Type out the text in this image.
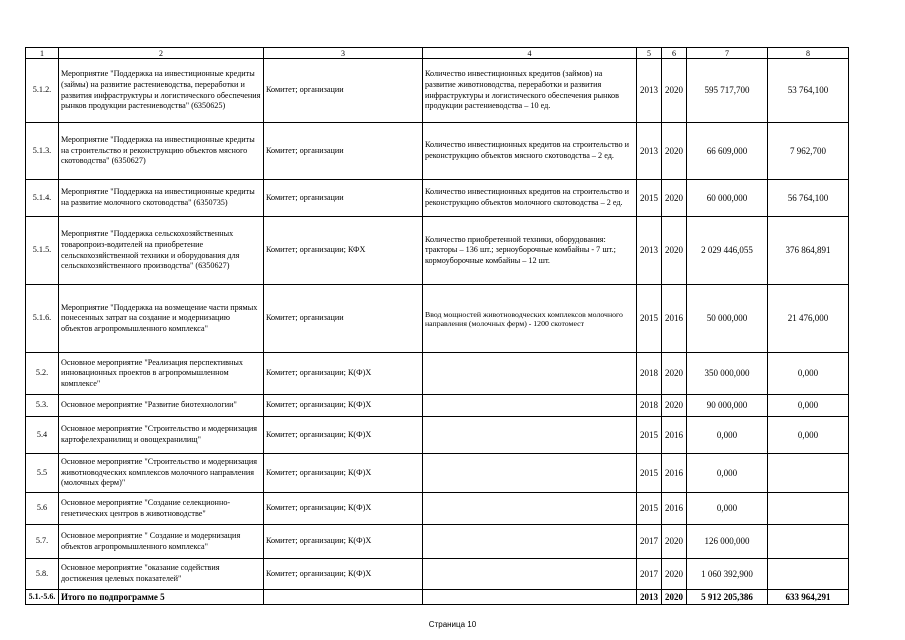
1	2	3	4	5	6	7	8
5.1.2.	Мероприятие "Поддержка на инвестиционные кредиты (займы) на развитие растениеводства, переработки и развития инфраструктуры и логистического обеспечения рынков продукции растениеводства" (6350625)	Комитет; организации	Количество инвестиционных кредитов (займов) на развитие животноводства, переработки и развития инфраструктуры и логистического обеспечения рынков продукции растениеводства – 10 ед.	2013	2020	595 717,700	53 764,100
5.1.3.	Мероприятие "Поддержка на инвестиционные кредиты на строительство и реконструкцию объектов мясного скотоводства" (6350627)	Комитет; организации	Количество инвестиционных кредитов на строительство и реконструкцию объектов мясного скотоводства – 2 ед.	2013	2020	66 609,000	7 962,700
5.1.4.	Мероприятие "Поддержка на инвестиционные кредиты на развитие молочного скотоводства" (6350735)	Комитет; организации	Количество инвестиционных кредитов на строительство и реконструкцию объектов молочного скотоводства – 2 ед.	2015	2020	60 000,000	56 764,100
5.1.5.	Мероприятие "Поддержка сельскохозяйственных товаропроиз-водителей на приобретение сельскохозяйственной техники и оборудования для сельскохозяйственного производства" (6350627)	Комитет; организации; КФХ	Количество приобретенной техники, оборудования: тракторы – 136 шт.; зерноуборочные комбайны - 7 шт.; кормоуборочные комбайны – 12 шт.	2013	2020	2 029 446,055	376 864,891
5.1.6.	Мероприятие "Поддержка на возмещение части прямых понесенных затрат на создание и модернизацию объектов агропромышленного комплекса"	Комитет; организации	Ввод мощностей животноводческих комплексов молочного направления (молочных ферм) - 1200 скотомест	2015	2016	50 000,000	21 476,000
5.2.	Основное мероприятие "Реализация перспективных инновационных проектов в агропромышленном комплексе"	Комитет; организации; К(Ф)Х		2018	2020	350 000,000	0,000
5.3.	Основное мероприятие "Развитие биотехнологии"	Комитет; организации; К(Ф)Х		2018	2020	90 000,000	0,000
5.4	Основное мероприятие "Строительство и модернизация картофелехранилищ и овощехранилищ"	Комитет; организации; К(Ф)Х		2015	2016	0,000	0,000
5.5	Основное мероприятие "Строительство и модернизация животноводческих комплексов молочного направления (молочных ферм)"	Комитет; организации; К(Ф)Х		2015	2016	0,000	
5.6	Основное мероприятие "Создание селекционно-генетических центров в животноводстве"	Комитет; организации; К(Ф)Х		2015	2016	0,000	
5.7.	Основное мероприятие " Создание и модернизация объектов агропромышленного комплекса"	Комитет; организации; К(Ф)Х		2017	2020	126 000,000	
5.8.	Основное мероприятие "оказание содействия достижения целевых показателей"	Комитет; организации; К(Ф)Х		2017	2020	1 060 392,900	
5.1.-5.6.	Итого по подпрограмме 5			2013	2020	5 912 205,386	633 964,291
Страница 10
